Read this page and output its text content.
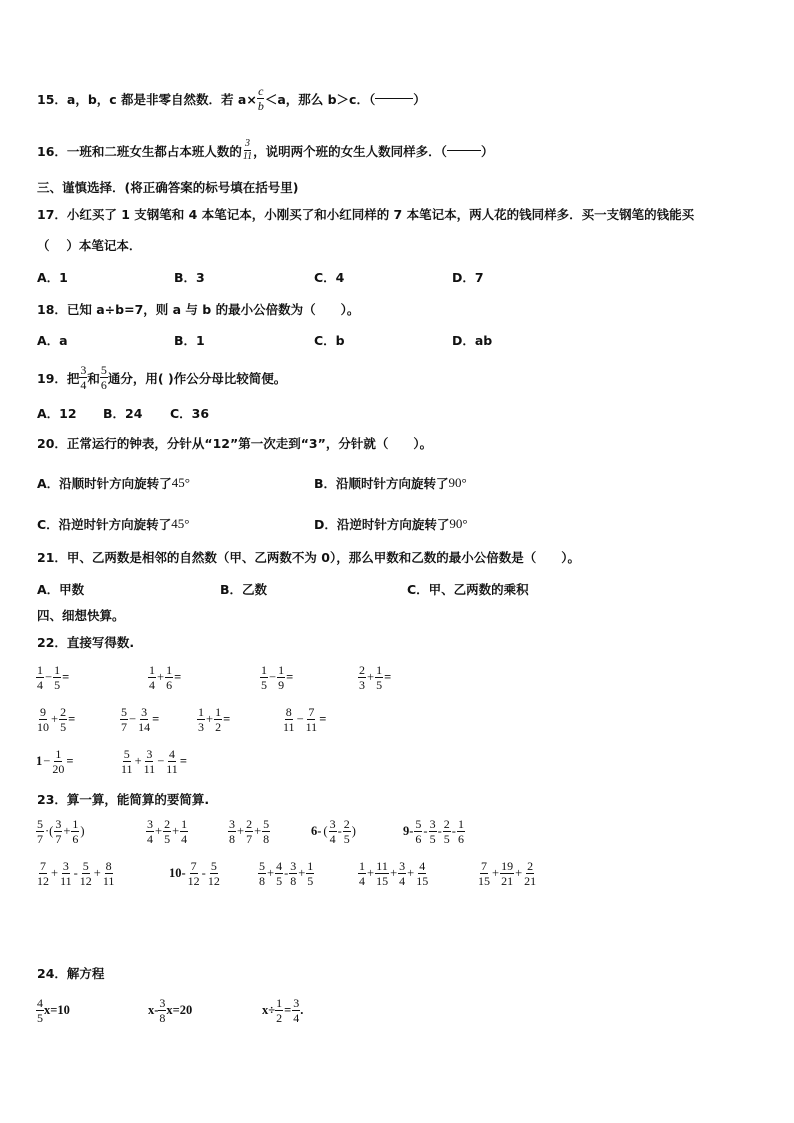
15．a，b，c 都是非零自然数．若 $a\times \frac{c}{b} <a$，那么 b＞c．（	）
16．一班和二班女生都占本班人数的 3
11 ，说明两个班的女生人数同样多．（	）
三、谨慎选择．(将正确答案的标号填在括号里)
17．小红买了 1 支钢笔和 4 本笔记本，小刚买了和小红同样的 7 本笔记本，两人花的钱同样多．买一支钢笔的钱能买
（　 ）本笔记本．
A．1	B．3	C．4	D．7
18．已知 a÷b=7，则 a 与 b 的最小公倍数为（　　）。
A．a	B．1	C．b	D．ab
19．把
3
4 和
5
6 通分，用( )作公分母比较简便。
A．12 B．24 C．36
20．正常运行的钟表，分针从“12”第一次走到“3”，分针就（　　）。
A．沿顺时针方向旋转了 45°	B．沿顺时针方向旋转了 90°
C．沿逆时针方向旋转了 45°	D．沿逆时针方向旋转了 90°
21．甲、乙两数是相邻的自然数（甲、乙两数不为 0），那么甲数和乙数的最小公倍数是（　　）。
A．甲数	B．乙数	C．甲、乙两数的乘积
四、细想快算。
22．直接写得数.
1
4
− $\frac{1}{5}$ =	1
4
+ $\frac{1}{6}$ =	1
5
− $\frac{1}{9}$ =	2
3
+ $\frac{1}{5}$ =
9
10
+ $\frac{2}{5}$ =	5
7
− $\frac{3}{14}$ =	1
3
+ $\frac{1}{2}$ =	8
11
− $\frac{7}{11}$ =
$1 - \frac{1}{20}$ =	5
11
+ $\frac{3}{11} - \frac{4}{11}$ =
23．算一算，能简算的要简算.
5
7
·( 3
7
+ $\frac{1}{6}$ )	3
4
+ $\frac{2}{5} + \frac{1}{4}$	3
8
+ $\frac{2}{7} + \frac{5}{8}$	6- ( 3
4
- 2
5
)	9- 5
6
- 3
5
- 2
5
- 1
6
7
12
+ $\frac{3}{11} - 5$
12
+ $\frac{8}{11}$	10- 7
12
- 5
12
5
8
+ $\frac{4}{5} - 3$
8
+ $\frac{1}{5}$	1
4
+ $\frac{11}{15} + \frac{3}{4} + \frac{4}{15}$	7
15
+ $\frac{19}{21} + \frac{2}{21}$
24．解方程
4
5
x=10	x- 3
8
x=20	$x\div \frac{1}{2} = \frac{3}{4}$ .
